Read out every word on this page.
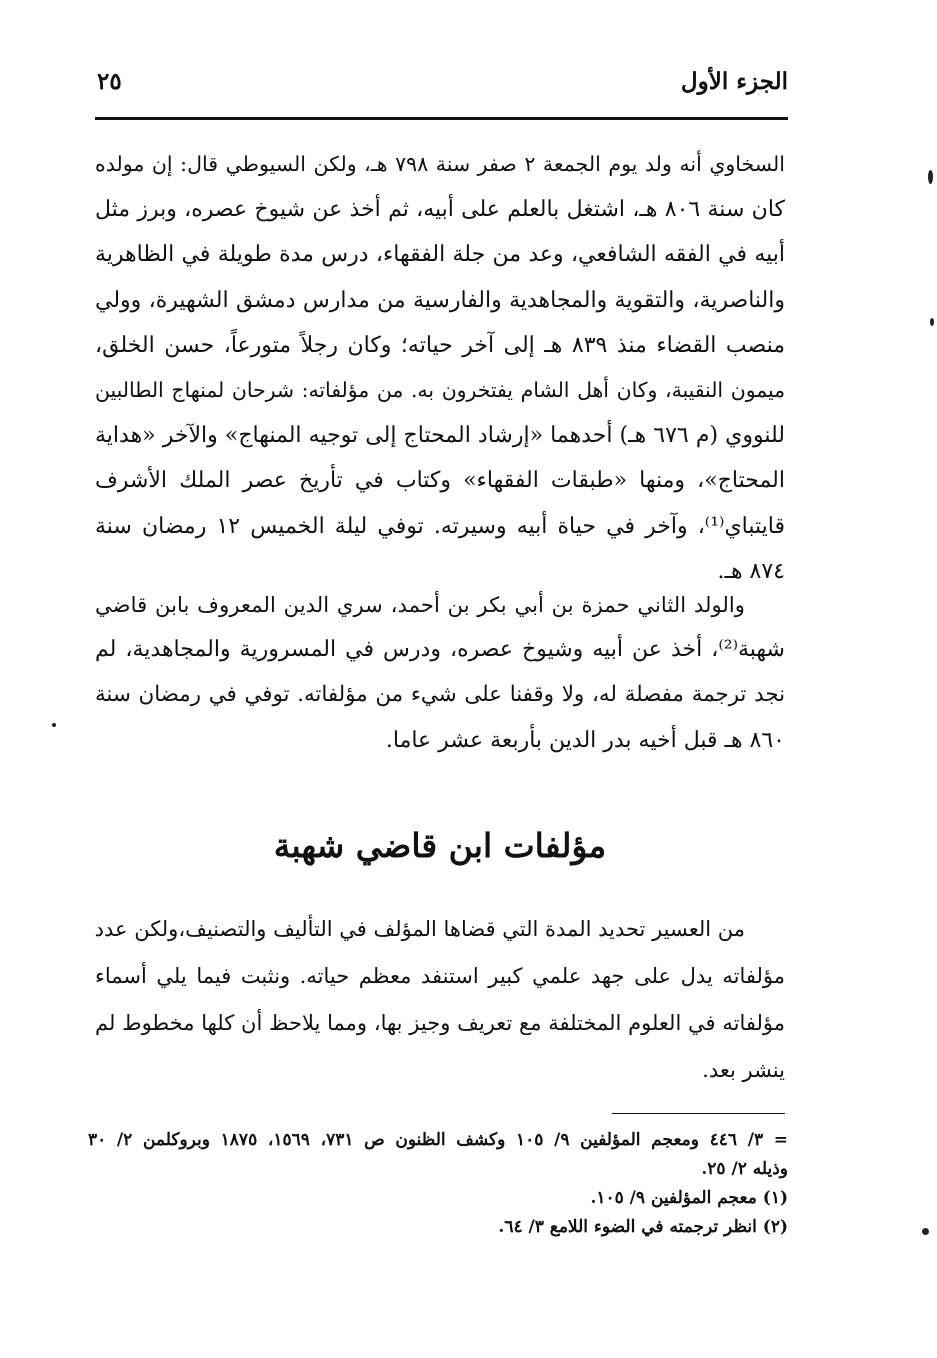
الجزء الأول
٢٥

السخاوي أنه ولد يوم الجمعة ٢ صفر سنة ٧٩٨ هـ، ولكن السيوطي قال: إن مولده
كان سنة ٨٠٦ هـ، اشتغل بالعلم على أبيه، ثم أخذ عن شيوخ عصره، وبرز مثل
أبيه في الفقه الشافعي، وعد من جلة الفقهاء، درس مدة طويلة في الظاهرية
والناصرية، والتقوية والمجاهدية والفارسية من مدارس دمشق الشهيرة، وولي
منصب القضاء منذ ٨٣٩ هـ إلى آخر حياته؛ وكان رجلاً متورعاً، حسن الخلق،
ميمون النقيبة، وكان أهل الشام يفتخرون به. من مؤلفاته: شرحان لمنهاج الطالبين
للنووي (م ٦٧٦ هـ) أحدهما «إرشاد المحتاج إلى توجيه المنهاج» والآخر «هداية
المحتاج»، ومنها «طبقات الفقهاء» وكتاب في تأريخ عصر الملك الأشرف
قايتباي⁽¹⁾، وآخر في حياة أبيه وسيرته. توفي ليلة الخميس ١٢ رمضان سنة
٨٧٤ هـ.

والولد الثاني حمزة بن أبي بكر بن أحمد، سري الدين المعروف بابن قاضي
شهبة⁽²⁾، أخذ عن أبيه وشيوخ عصره، ودرس في المسرورية والمجاهدية، لم
نجد ترجمة مفصلة له، ولا وقفنا على شيء من مؤلفاته. توفي في رمضان سنة
٨٦٠ هـ قبل أخيه بدر الدين بأربعة عشر عاما.

مؤلفات ابن قاضي شهبة

من العسير تحديد المدة التي قضاها المؤلف في التأليف والتصنيف،ولكن عدد
مؤلفاته يدل على جهد علمي كبير استنفد معظم حياته. ونثبت فيما يلي أسماء
مؤلفاته في العلوم المختلفة مع تعريف وجيز بها، ومما يلاحظ أن كلها مخطوط لم
ينشر بعد.

= ٣/ ٤٤٦ ومعجم المؤلفين ٩/ ١٠٥ وكشف الظنون ص ٧٣١، ١٥٦٩، ١٨٧٥ وبروكلمن ٢/ ٣٠
وذيله ٢/ ٢٥.
(١) معجم المؤلفين ٩/ ١٠٥.
(٢) انظر ترجمته في الضوء اللامع ٣/ ٦٤.
